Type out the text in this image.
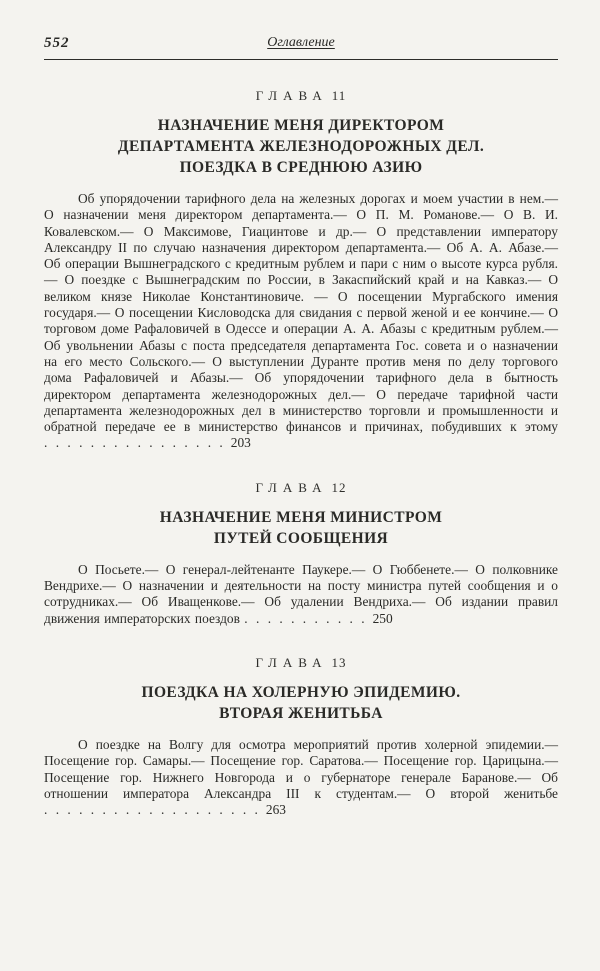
552	Оглавление
ГЛАВА 11
НАЗНАЧЕНИЕ МЕНЯ ДИРЕКТОРОМ
ДЕПАРТАМЕНТА ЖЕЛЕЗНОДОРОЖНЫХ ДЕЛ.
ПОЕЗДКА В СРЕДНЮЮ АЗИЮ

Об упорядочении тарифного дела на железных дорогах и моем участии в нем.— О назначении меня директором департамента.— О П. М. Романове.— О В. И. Ковалевском.— О Максимове, Гиацинтове и др.— О представлении императору Александру II по случаю назначения директором департамента.— Об А. А. Абазе.— Об операции Вышнеградского с кредитным рублем и пари с ним о высоте курса рубля.— О поездке с Вышнеградским по России, в Закаспийский край и на Кавказ.— О великом князе Николае Константиновиче. — О посещении Мургабского имения государя.— О посещении Кисловодска для свидания с первой женой и ее кончине.— О торговом доме Рафаловичей в Одессе и операции А. А. Абазы с кредитным рублем.— Об увольнении Абазы с поста председателя департамента Гос. совета и о назначении на его место Сольского.— О выступлении Дуранте против меня по делу торгового дома Рафаловичей и Абазы.— Об упорядочении тарифного дела в бытность директором департамента железнодорожных дел.— О передаче тарифной части департамента железнодорожных дел в министерство торговли и промышленности и обратной передаче ее в министерство финансов и причинах, побудивших к этому . . . . . . . . . . . . . . . . 203

ГЛАВА 12
НАЗНАЧЕНИЕ МЕНЯ МИНИСТРОМ
ПУТЕЙ СООБЩЕНИЯ

О Посьете.— О генерал-лейтенанте Паукере.— О Гюббенете.— О полковнике Вендрихе.— О назначении и деятельности на посту министра путей сообщения и о сотрудниках.— Об Иващенкове.— Об удалении Вендриха.— Об издании правил движения императорских поездов . . . . . . . . . . . 250

ГЛАВА 13
ПОЕЗДКА НА ХОЛЕРНУЮ ЭПИДЕМИЮ.
ВТОРАЯ ЖЕНИТЬБА

О поездке на Волгу для осмотра мероприятий против холерной эпидемии.— Посещение гор. Самары.— Посещение гор. Саратова.— Посещение гор. Царицына.— Посещение гор. Нижнего Новгорода и о губернаторе генерале Баранове.— Об отношении императора Александра III к студентам.— О второй женитьбе . . . . . . . . . . . . . . . . . . . 263
